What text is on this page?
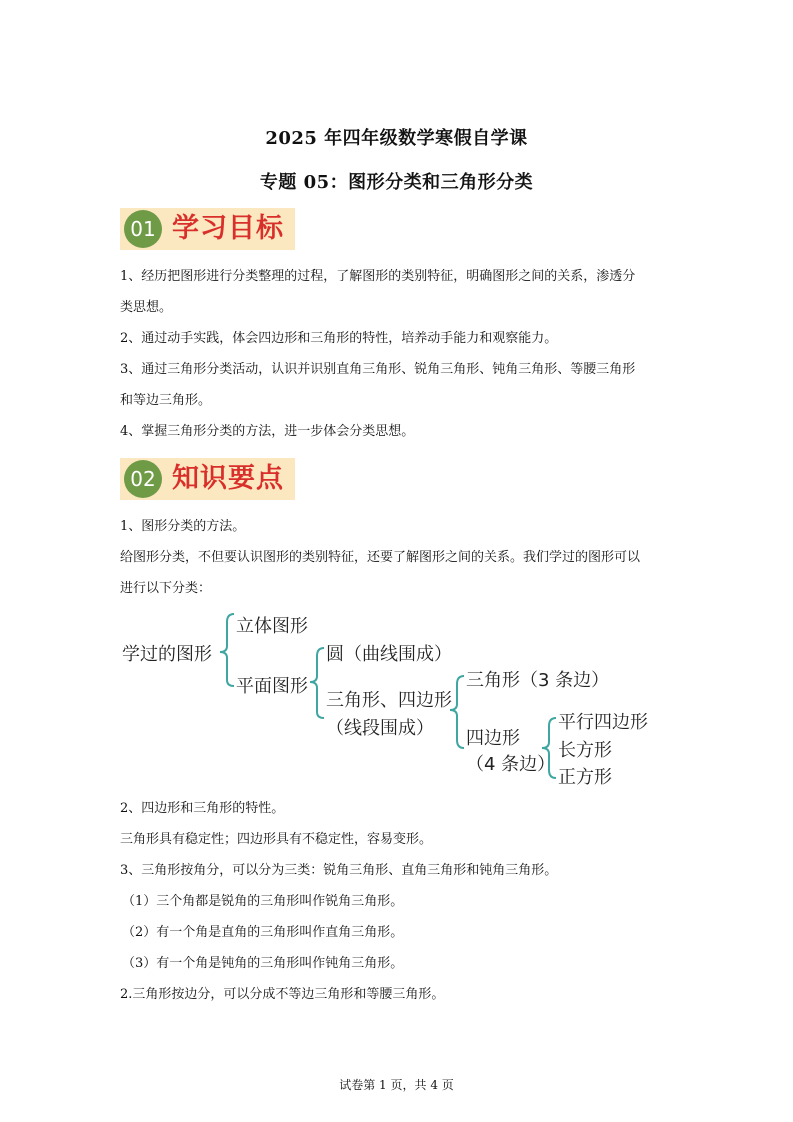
2025 年四年级数学寒假自学课
专题 05：图形分类和三角形分类
01 学习目标
1、经历把图形进行分类整理的过程，了解图形的类别特征，明确图形之间的关系，渗透分
类思想。
2、通过动手实践，体会四边形和三角形的特性，培养动手能力和观察能力。
3、通过三角形分类活动，认识并识别直角三角形、锐角三角形、钝角三角形、等腰三角形
和等边三角形。
4、掌握三角形分类的方法，进一步体会分类思想。
02 知识要点
1、图形分类的方法。
给图形分类，不但要认识图形的类别特征，还要了解图形之间的关系。我们学过的图形可以
进行以下分类：
学过的图形
立体图形
平面图形
圆（曲线围成）
三角形、四边形
（线段围成）
三角形（3 条边）
四边形
（4 条边）
平行四边形
长方形
正方形
2、四边形和三角形的特性。
三角形具有稳定性；四边形具有不稳定性，容易变形。
3、三角形按角分，可以分为三类：锐角三角形、直角三角形和钝角三角形。
（1）三个角都是锐角的三角形叫作锐角三角形。
（2）有一个角是直角的三角形叫作直角三角形。
（3）有一个角是钝角的三角形叫作钝角三角形。
2.三角形按边分，可以分成不等边三角形和等腰三角形。
试卷第 1 页，共 4 页
